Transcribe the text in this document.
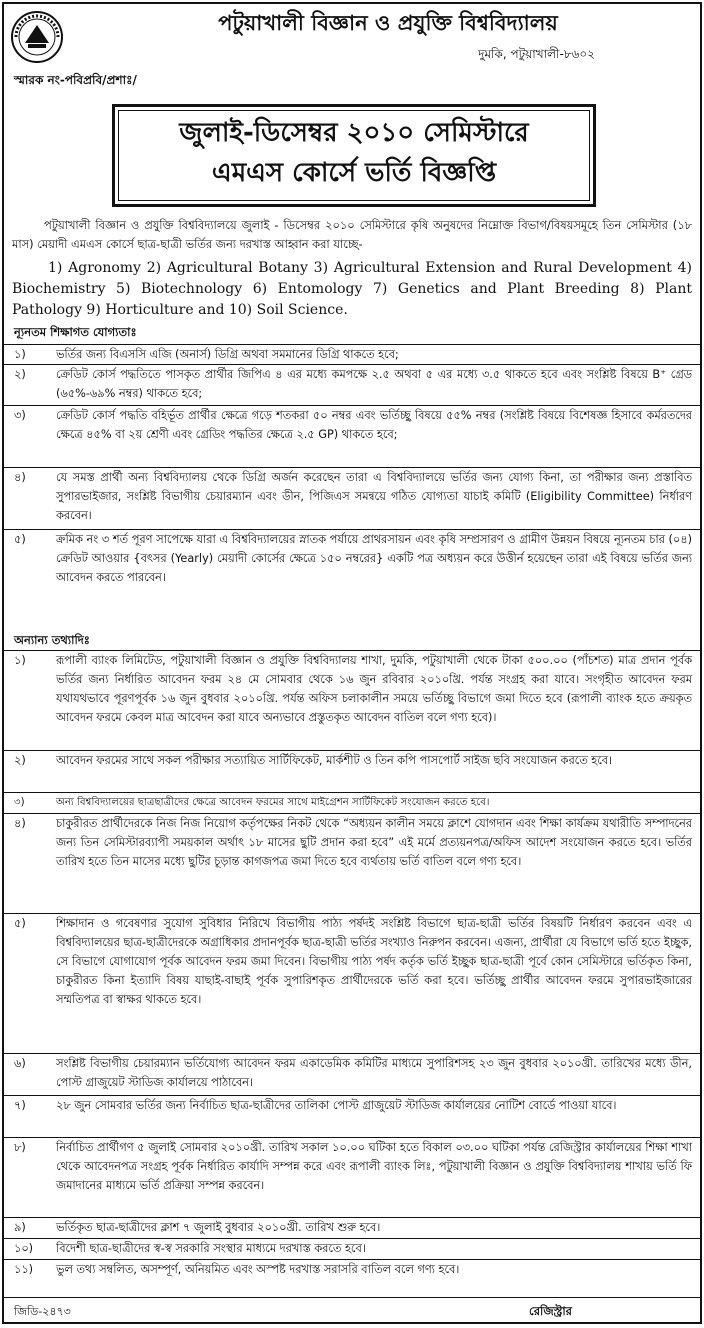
পটুয়াখালী বিজ্ঞান ও প্রযুক্তি বিশ্ববিদ্যালয়
দুমকি, পটুয়াখালী-৮৬০২
স্মারক নং-পবিপ্রবি/প্রশাঃ/
জুলাই-ডিসেম্বর ২০১০ সেমিস্টারে
এমএস কোর্সে ভর্তি বিজ্ঞপ্তি
পটুয়াখালী বিজ্ঞান ও প্রযুক্তি বিশ্ববিদ্যালয়ে জুলাই - ডিসেম্বর ২০১০ সেমিস্টারে কৃষি অনুষদের নিম্নোক্ত বিভাগ/বিষয়সমূহে তিন সেমিস্টার (১৮ মাস) মেয়াদী এমএস কোর্সে ছাত্র-ছাত্রী ভর্তির জন্য দরখাস্ত আহ্বান করা যাচ্ছে-
1) Agronomy 2) Agricultural Botany 3) Agricultural Extension and Rural Development 4) Biochemistry 5) Biotechnology 6) Entomology 7) Genetics and Plant Breeding 8) Plant Pathology 9) Horticulture and 10) Soil Science.
ন্যূনতম শিক্ষাগত যোগ্যতাঃ
১)	ভর্তির জন্য বিএসসি এজি (অনার্স) ডিগ্রি অথবা সমমানের ডিগ্রি থাকতে হবে;
২)	ক্রেডিট কোর্স পদ্ধতিতে পাসকৃত প্রার্থীর জিপিএ ৪ এর মধ্যে কমপক্ষে ২.৫ অথবা ৫ এর মধ্যে ৩.৫ থাকতে হবে এবং সংশ্লিষ্ট বিষয়ে B⁺ গ্রেড (৬৫%-৬৯% নম্বর) থাকতে হবে;
৩)	ক্রেডিট কোর্স পদ্ধতি বহির্ভূত প্রার্থীর ক্ষেত্রে গড়ে শতকরা ৫০ নম্বর এবং ভর্তিচ্ছু বিষয়ে ৫৫% নম্বর (সংশ্লিষ্ট বিষয়ে বিশেষজ্ঞ হিসাবে কর্মরতদের ক্ষেত্রে ৪৫% বা ২য় শ্রেণী এবং গ্রেডিং পদ্ধতির ক্ষেত্রে ২.৫ GP) থাকতে হবে;
৪)	যে সমস্ত প্রার্থী অন্য বিশ্ববিদ্যালয় থেকে ডিগ্রি অর্জন করেছেন তারা এ বিশ্ববিদ্যালয়ে ভর্তির জন্য যোগ্য কিনা, তা পরীক্ষার জন্য প্রস্তাবিত সুপারভাইজার, সংশ্লিষ্ট বিভাগীয় চেয়ারম্যান এবং ডীন, পিজিএস সমন্বয়ে গঠিত যোগ্যতা যাচাই কমিটি (Eligibility Committee) নির্ধারণ করবেন।
৫)	ক্রমিক নং ৩ শর্ত পূরণ সাপেক্ষে যারা এ বিশ্ববিদ্যালয়ের স্নাতক পর্যায়ে প্রাথরসায়ন এবং কৃষি সম্প্রসারণ ও গ্রামীণ উন্নয়ন বিষয়ে ন্যূনতম চার (০৪) ক্রেডিট আওয়ার {বৎসর (Yearly) মেয়াদী কোর্সের ক্ষেত্রে ১৫০ নম্বরের} একটি পত্র অধ্যয়ন করে উত্তীর্ন হয়েছেন তারা এই বিষয়ে ভর্তির জন্য আবেদন করতে পারবেন।
অন্যান্য তথ্যাদিঃ
১)	রূপালী ব্যাংক লিমিটেড, পটুয়াখালী বিজ্ঞান ও প্রযুক্তি বিশ্ববিদ্যালয় শাখা, দুমকি, পটুয়াখালী থেকে টাকা ৫০০.০০ (পাঁচশত) মাত্র প্রদান পূর্বক ভর্তির জন্য নির্ধারিত আবেদন ফরম ২৪ মে সোমবার থেকে ১৬ জুন রবিবার ২০১০খ্রি. পর্যন্ত সংগ্রহ করা যাবে। সংগৃহীত আবেদন ফরম যথাযথভাবে পূরণপূর্বক ১৬ জুন বুধবার ২০১০খ্রি. পর্যন্ত অফিস চলাকালীন সময়ে ভর্তিচ্ছু বিভাগে জমা দিতে হবে (রূপালী ব্যাংক হতে ক্রয়কৃত আবেদন ফরমে কেবল মাত্র আবেদন করা যাবে অন্যভাবে প্রস্তুতকৃত আবেদন বাতিল বলে গণ্য হবে)।
২)	আবেদন ফরমের সাথে সকল পরীক্ষার সত্যায়িত সার্টিফিকেট, মার্কশীট ও তিন কপি পাসপোর্ট সাইজ ছবি সংযোজন করতে হবে।
৩)	অন্য বিশ্ববিদ্যালয়ের ছাত্রছাত্রীদের ক্ষেত্রে আবেদন ফরমের সাথে মাইগ্রেশন সার্টিফিকেট সংযোজন করতে হবে।
৪)	চাকুরীরত প্রার্থীদেরকে নিজ নিজ নিয়োগ কর্তৃপক্ষের নিকট থেকে “অধ্যয়ন কালীন সময়ে ক্লাশে যোগদান এবং শিক্ষা কার্যক্রম যথারীতি সম্পাদনের জন্য তিন সেমিস্টারব্যাপী সময়কাল অর্থাৎ ১৮ মাসের ছুটি প্রদান করা হবে” এই মর্মে প্রত্যয়নপত্র/অফিস আদেশ সংযোজন করতে হবে। ভর্তির তারিখ হতে তিন মাসের মধ্যে ছুটির চূড়ান্ত কাগজপত্র জমা দিতে হবে ব্যর্থতায় ভর্তি বাতিল বলে গণ্য হবে।
৫)	শিক্ষাদান ও গবেষণার সুযোগ সুবিধার নিরিখে বিভাগীয় পাঠ্য পর্ষদই সংশ্লিষ্ট বিভাগে ছাত্র-ছাত্রী ভর্তির বিষয়টি নির্ধারণ করবেন এবং এ বিশ্ববিদ্যালয়ের ছাত্র-ছাত্রীদেরকে অগ্রাধিকার প্রদানপূর্বক ছাত্র-ছাত্রী ভর্তির সংখ্যাও নিরুপন করবেন। এজন্য, প্রার্থীরা যে বিভাগে ভর্তি হতে ইচ্ছুক, সে বিভাগে যোগাযোগ পূর্বক আবেদন ফরম জমা দিবেন। বিভাগীয় পাঠ্য পর্ষদ কর্তৃক ভর্তি ইচ্ছুক ছাত্র-ছাত্রী পূর্বে কোন সেমিস্টারে ভর্তিকৃত কিনা, চাকুরীরত কিনা ইত্যাদি বিষয় যাছাই-বাছাই পূর্বক সুপারিশকৃত প্রার্থীদেরকে ভর্তি করা হবে। ভর্তিচ্ছু প্রার্থীর আবেদন ফরমে সুপারভাইজারের সম্মতিপত্র বা স্বাক্ষর থাকতে হবে।
৬)	সংশ্লিষ্ট বিভাগীয় চেয়ারম্যান ভর্তিযোগ্য আবেদন ফরম একাডেমিক কমিটির মাধ্যমে সুপারিশসহ ২৩ জুন বুধবার ২০১০খ্রী. তারিখের মধ্যে ডীন, পোস্ট গ্রাজুয়েট স্টাডিজ কার্যালয়ে পাঠাবেন।
৭)	২৮ জুন সোমবার ভর্তির জন্য নির্বাচিত ছাত্র-ছাত্রীদের তালিকা পোস্ট গ্রাজুয়েট স্টাডিজ কার্যালয়ের নোটিশ বোর্ডে পাওয়া যাবে।
৮)	নির্বাচিত প্রার্থীগণ ৫ জুলাই সোমবার ২০১০খ্রী. তারিখ সকাল ১০.০০ ঘটিকা হতে বিকাল ০৩.০০ ঘটিকা পর্যন্ত রেজিস্ট্রার কার্যালয়ের শিক্ষা শাখা থেকে আবেদনপত্র সংগ্রহ পূর্বক নির্ধারিত কার্যাদি সম্পন্ন করে এবং রূপালী ব্যাংক লিঃ, পটুয়াখালী বিজ্ঞান ও প্রযুক্তি বিশ্ববিদ্যালয় শাখায় ভর্তি ফি জমাদানের মাধ্যমে ভর্তি প্রক্রিয়া সম্পন্ন করবেন।
৯)	ভর্তিকৃত ছাত্র-ছাত্রীদের ক্লাশ ৭ জুলাই বুধবার ২০১০খ্রী. তারিখ শুরু হবে।
১০)	বিদেশী ছাত্র-ছাত্রীদের স্ব-স্ব সরকারি সংস্থার মাধ্যমে দরখাস্ত করতে হবে।
১১)	ভুল তথ্য সম্বলিত, অসম্পূর্ণ, অনিয়মিত এবং অস্পষ্ট দরখাস্ত সরাসরি বাতিল বলে গণ্য হবে।
জিডি-২৪৭৩	রেজিস্ট্রার
